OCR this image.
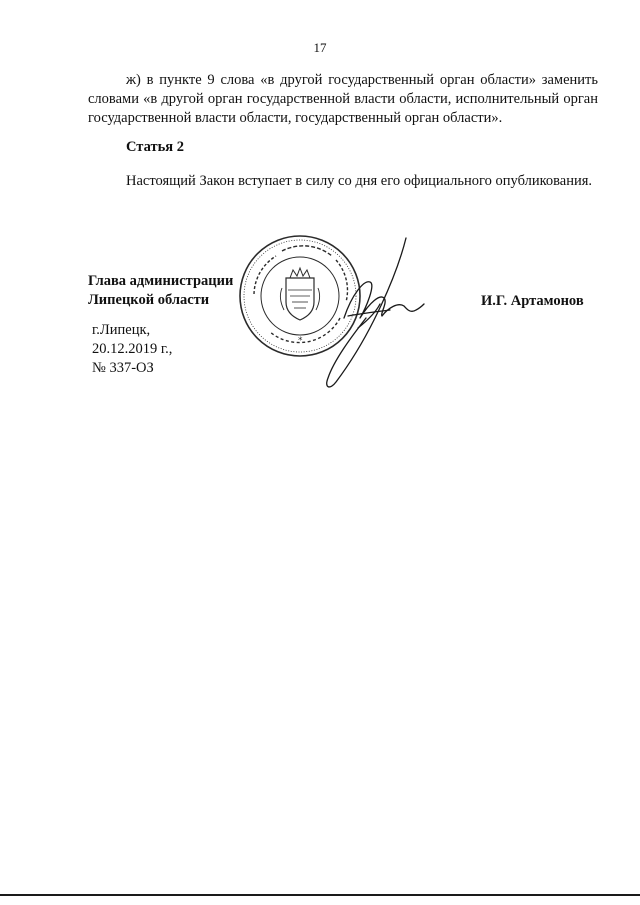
17

ж) в пункте 9 слова «в другой государственный орган области» заменить словами «в другой орган государственной власти области, исполнительный орган государственной власти области, государственный орган области».

Статья 2

Настоящий Закон вступает в силу со дня его официального опубликования.

Глава администрации
Липецкой области
*
И.Г. Артамонов
г.Липецк,
20.12.2019 г.,
№ 337-ОЗ
